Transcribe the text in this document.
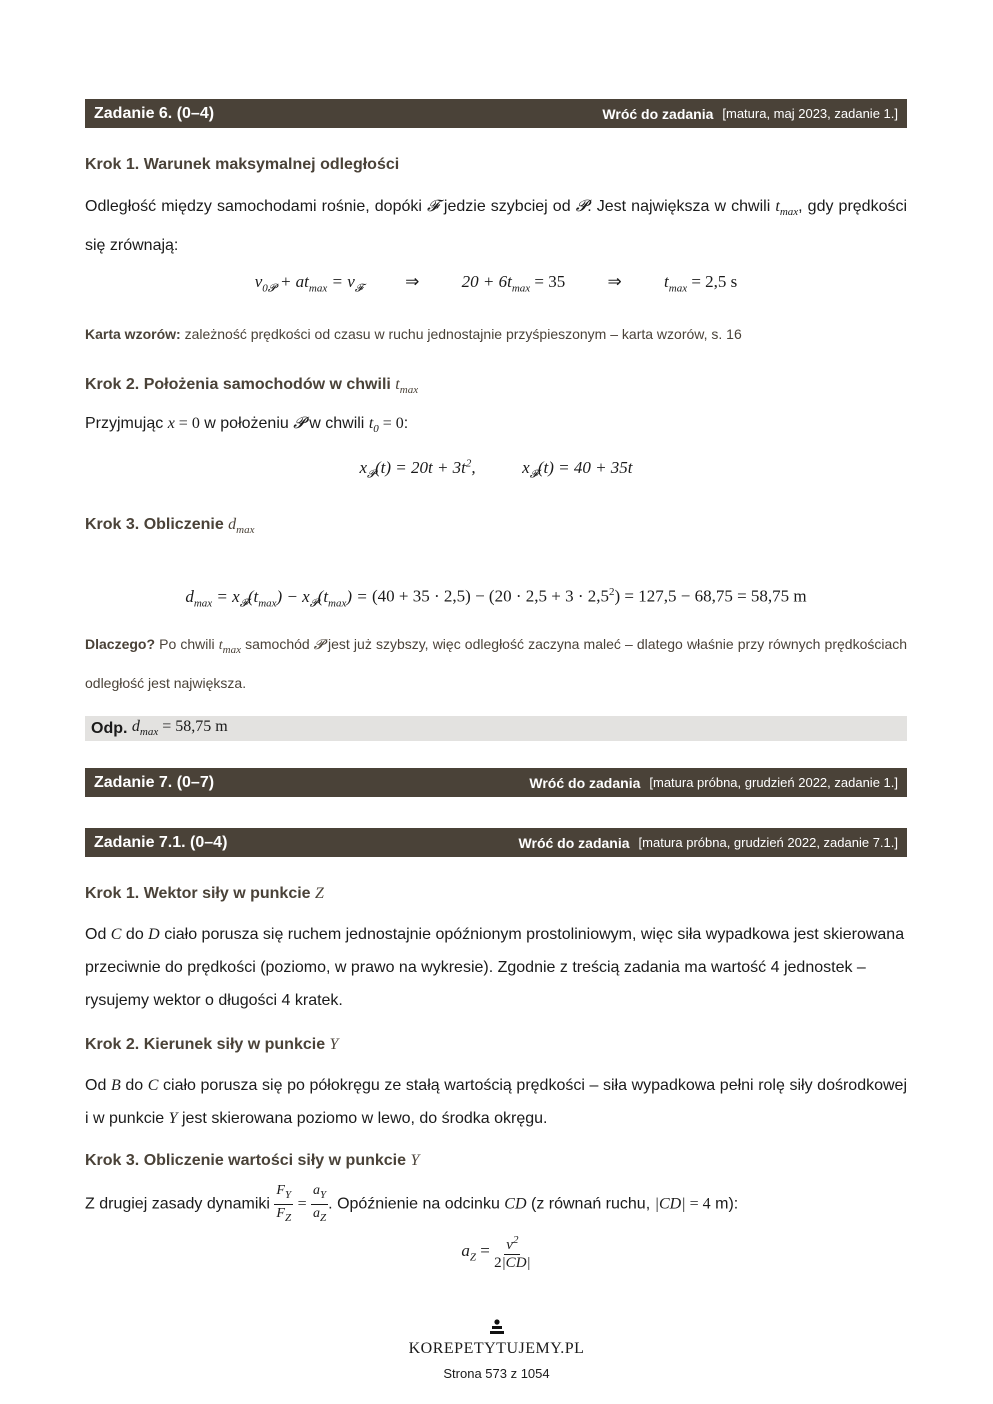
Zadanie 6. (0–4)	Wróć do zadania [matura, maj 2023, zadanie 1.]
Krok 1. Warunek maksymalnej odległości
Odległość między samochodami rośnie, dopóki 𝓕 jedzie szybciej od 𝓟. Jest największa w chwili $t_{max}$, gdy prędkości się zrównają:
$v_{0𝓟} + at_{max} = v_𝓕$ ⇒ $20 + 6t_{max} = 35$ ⇒ $t_{max} = 2,5$ s
Karta wzorów: zależność prędkości od czasu w ruchu jednostajnie przyśpieszonym – karta wzorów, s. 16
Krok 2. Położenia samochodów w chwili $t_{max}$
Przyjmując x = 0 w położeniu 𝓟 w chwili $t_0 = 0$:
$x_𝓟(t) = 20t + 3t^2$,	$x_𝓕(t) = 40 + 35t$
Krok 3. Obliczenie $d_{max}$
$d_{max} = x_𝓕(t_{max}) - x_𝓟(t_{max}) = (40 + 35 \cdot 2,5) - (20 \cdot 2,5 + 3 \cdot 2,5^2) = 127,5 - 68,75 = 58,75$ m
Dlaczego? Po chwili $t_{max}$ samochód 𝓟 jest już szybszy, więc odległość zaczyna maleć – dlatego właśnie przy równych prędkościach odległość jest największa.
Odp.
$d_{max} = 58,75$ m
Zadanie 7. (0–7)	Wróć do zadania [matura próbna, grudzień 2022, zadanie 1.]
Zadanie 7.1. (0–4)	Wróć do zadania [matura próbna, grudzień 2022, zadanie 7.1.]
Krok 1. Wektor siły w punkcie Z
Od C do D ciało porusza się ruchem jednostajnie opóźnionym prostoliniowym, więc siła wypadkowa jest skierowana przeciwnie do prędkości (poziomo, w prawo na wykresie). Zgodnie z treścią zadania ma wartość 4 jednostek – rysujemy wektor o długości 4 kratek.
Krok 2. Kierunek siły w punkcie Y
Od B do C ciało porusza się po półokręgu ze stałą wartością prędkości – siła wypadkowa pełni rolę siły dośrodkowej i w punkcie Y jest skierowana poziomo w lewo, do środka okręgu.
Krok 3. Obliczenie wartości siły w punkcie Y
Z drugiej zasady dynamiki $\frac{F_Y}{F_Z} = \frac{a_Y}{a_Z}$ . Opóźnienie na odcinku CD (z równań ruchu, |CD| = 4 m):
$a_Z = \frac{v^2}{2|CD|}$
KOREPETYTUJEMY.PL
Strona 573 z 1054
